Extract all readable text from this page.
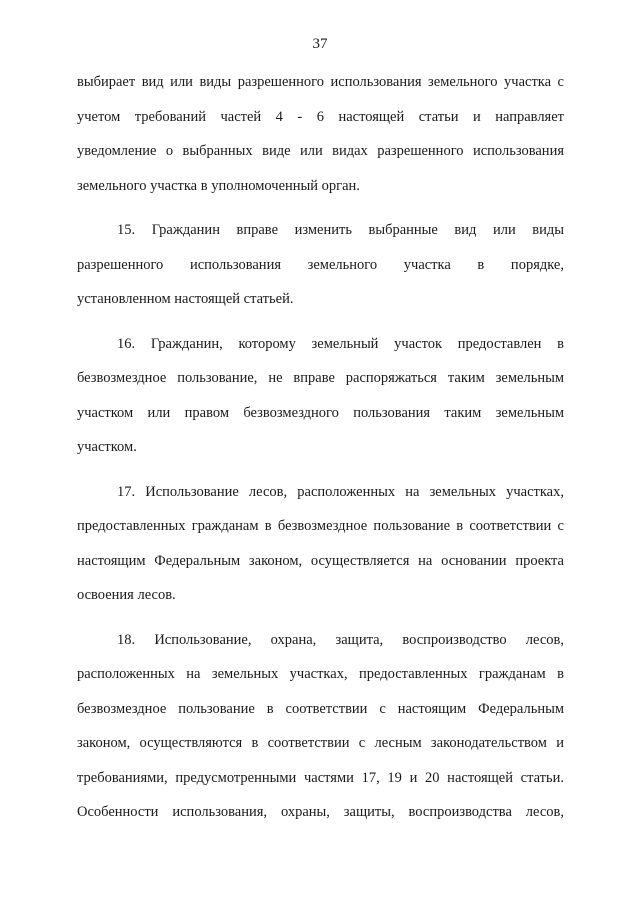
37
выбирает вид или виды разрешенного использования земельного участка с
учетом требований частей 4 - 6 настоящей статьи и направляет
уведомление о выбранных виде или видах разрешенного использования
земельного участка в уполномоченный орган.
15. Гражданин вправе изменить выбранные вид или виды
разрешенного использования земельного участка в порядке,
установленном настоящей статьей.
16. Гражданин, которому земельный участок предоставлен в
безвозмездное пользование, не вправе распоряжаться таким земельным
участком или правом безвозмездного пользования таким земельным
участком.
17. Использование лесов, расположенных на земельных участках,
предоставленных гражданам в безвозмездное пользование в соответствии с
настоящим Федеральным законом, осуществляется на основании проекта
освоения лесов.
18. Использование, охрана, защита, воспроизводство лесов,
расположенных на земельных участках, предоставленных гражданам в
безвозмездное пользование в соответствии с настоящим Федеральным
законом, осуществляются в соответствии с лесным законодательством и
требованиями, предусмотренными частями 17, 19 и 20 настоящей статьи.
Особенности использования, охраны, защиты, воспроизводства лесов,
